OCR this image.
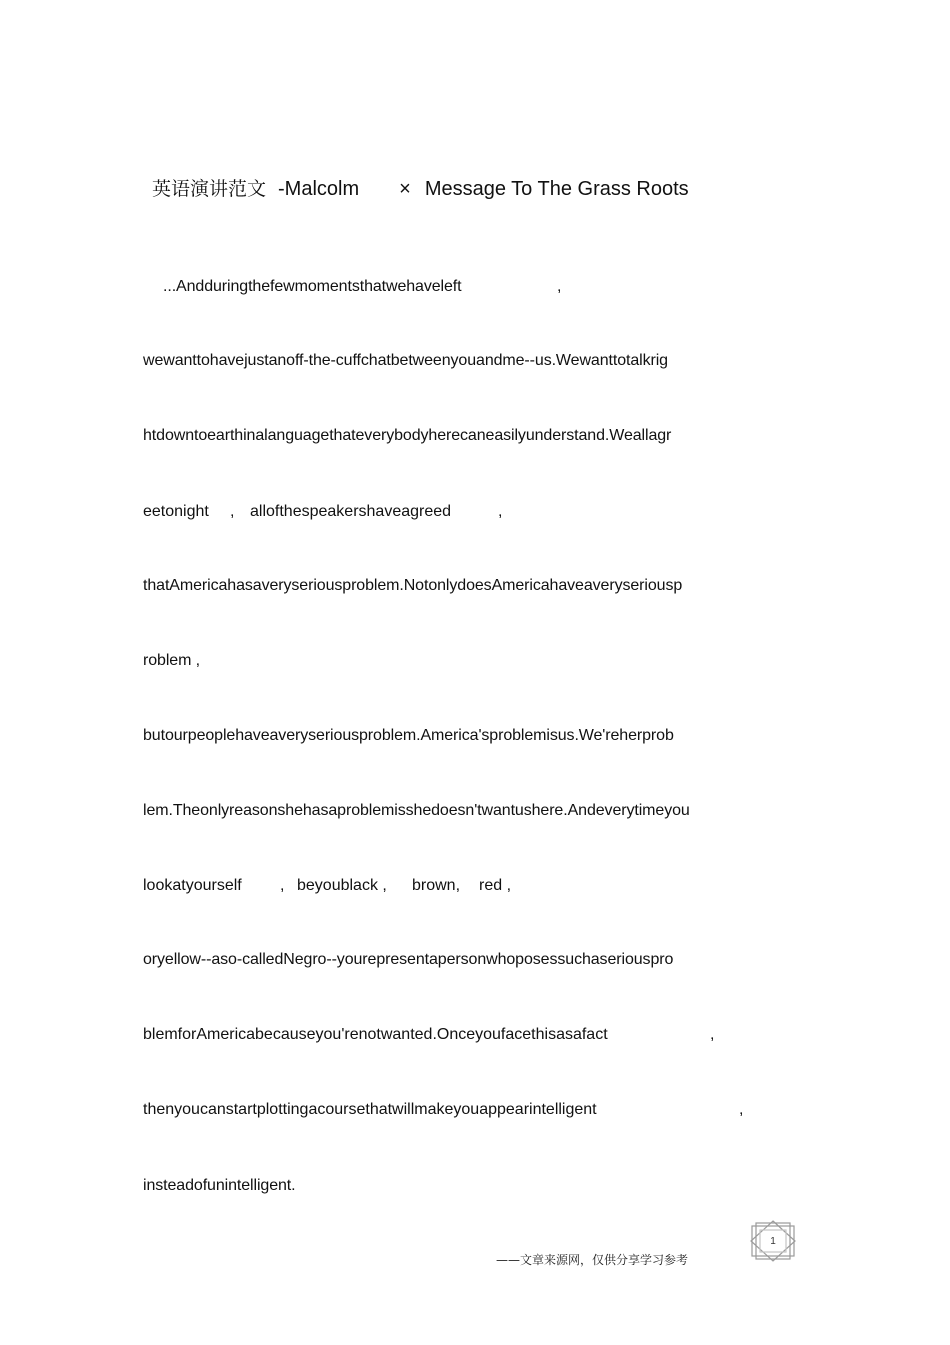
英语演讲范文 -Malcolm × Message To The Grass Roots
...Andduringthefewmomentsthatwehaveleft	,
wewanttohavejustanoff-the-cuffchatbetweenyouandme--us.Wewanttotalkrig
htdowntoearthinalanguagethateverybodyherecaneasilyunderstand.Weallagr
eetonight , allofthespeakershaveagreed	,
thatAmericahasaveryseriousproblem.NotonlydoesAmericahaveaveryseriousp
roblem ,
butourpeoplehaveaveryseriousproblem.America'sproblemisus.We'reherprob
lem.Theonlyreasonshehasaproblemisshedoesn'twantushere.Andeverytimeyou
lookatyourself , beyoublack , brown, red ,
oryellow--aso-calledNegro--yourepresentapersonwhoposessuchaseriouspro
blemforAmericabecauseyou'renotwanted.Onceyoufacethisasafact	,
thenyoucanstartplottingacoursethatwillmakeyouappearintelligent	,
insteadofunintelligent.
——文章来源网，仅供分享学习参考
1
